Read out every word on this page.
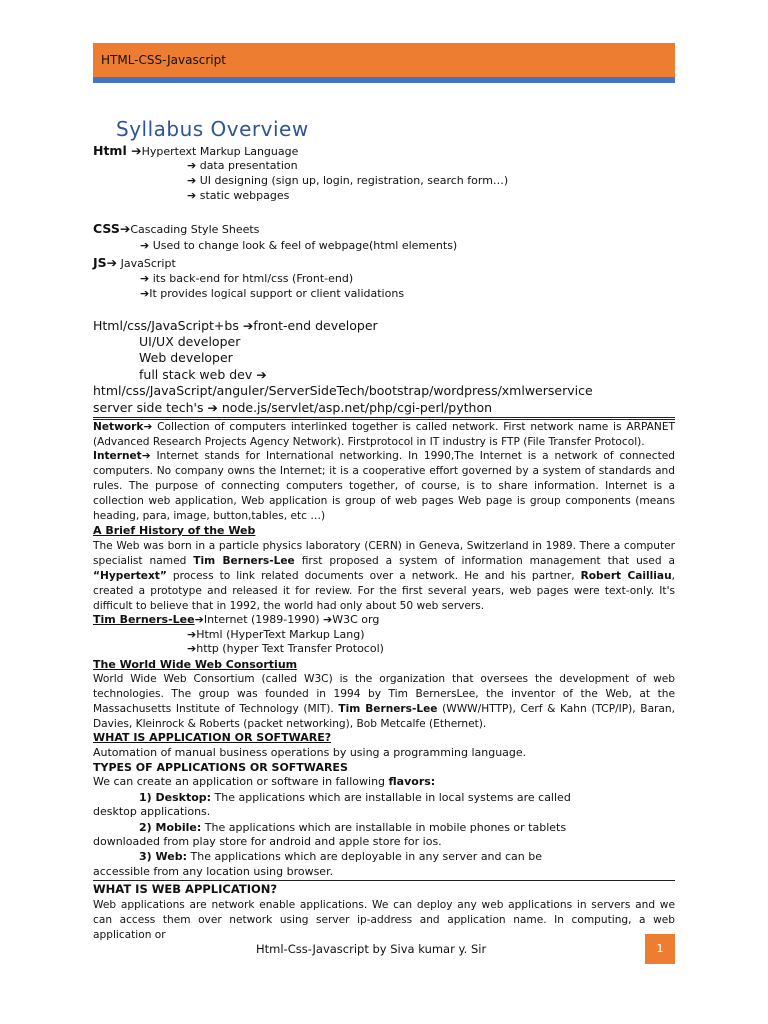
HTML-CSS-Javascript
Syllabus Overview
Html ➔Hypertext Markup Language
➔ data presentation
➔ UI designing (sign up, login, registration, search form…)
➔ static webpages
CSS➔Cascading Style Sheets
➔ Used to change look & feel of webpage(html elements)
JS➔ JavaScript
➔ its back-end for html/css (Front-end)
➔It provides logical support or client validations
Html/css/JavaScript+bs ➔front-end developer
UI/UX developer
Web developer
full stack web dev ➔
html/css/JavaScript/anguler/ServerSideTech/bootstrap/wordpress/xmlwerservice
server side tech's ➔ node.js/servlet/asp.net/php/cgi-perl/python
Network➔ Collection of computers interlinked together is called network. First network name is ARPANET (Advanced Research Projects Agency Network). Firstprotocol in IT industry is FTP (File Transfer Protocol).
Internet➔ Internet stands for International networking. In 1990,The Internet is a network of connected computers. No company owns the Internet; it is a cooperative effort governed by a system of standards and rules. The purpose of connecting computers together, of course, is to share information. Internet is a collection web application, Web application is group of web pages Web page is group components (means heading, para, image, button,tables, etc …)
A Brief History of the Web
The Web was born in a particle physics laboratory (CERN) in Geneva, Switzerland in 1989. There a computer specialist named Tim Berners-Lee first proposed a system of information management that used a “Hypertext” process to link related documents over a network. He and his partner, Robert Cailliau, created a prototype and released it for review. For the first several years, web pages were text-only. It's difficult to believe that in 1992, the world had only about 50 web servers.
Tim Berners-Lee➔Internet (1989-1990) ➔W3C org
➔Html (HyperText Markup Lang)
➔http (hyper Text Transfer Protocol)
The World Wide Web Consortium
World Wide Web Consortium (called W3C) is the organization that oversees the development of web technologies. The group was founded in 1994 by Tim BernersLee, the inventor of the Web, at the Massachusetts Institute of Technology (MIT). Tim Berners-Lee (WWW/HTTP), Cerf & Kahn (TCP/IP), Baran, Davies, Kleinrock & Roberts (packet networking), Bob Metcalfe (Ethernet).
WHAT IS APPLICATION OR SOFTWARE?
Automation of manual business operations by using a programming language.
TYPES OF APPLICATIONS OR SOFTWARES
We can create an application or software in fallowing flavors:
1) Desktop: The applications which are installable in local systems are called
desktop applications.
2) Mobile: The applications which are installable in mobile phones or tablets
downloaded from play store for android and apple store for ios.
3) Web: The applications which are deployable in any server and can be
accessible from any location using browser.
WHAT IS WEB APPLICATION?
Web applications are network enable applications. We can deploy any web applications in servers and we can access them over network using server ip-address and application name. In computing, a web application or
Html-Css-Javascript by Siva kumar y. Sir	1
